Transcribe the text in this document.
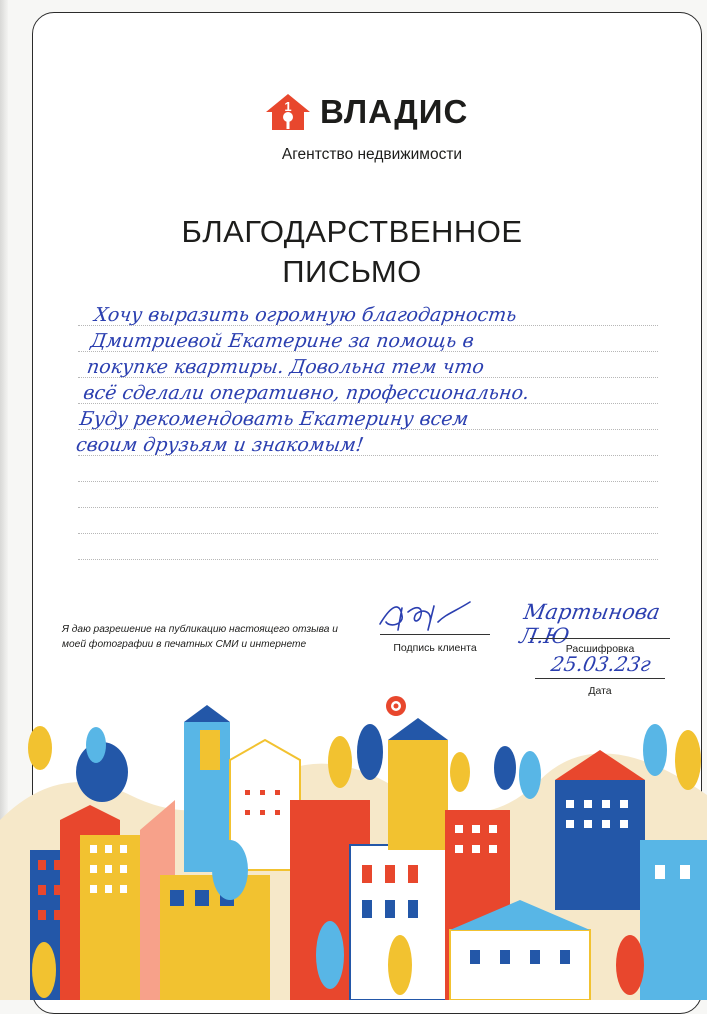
1 ВЛАДИС
Агентство недвижимости
БЛАГОДАРСТВЕННОЕ
ПИСЬМО
Хочу выразить огромную благодарность
Дмитриевой Екатерине за помощь в
покупке квартиры. Довольна тем что
всё сделали оперативно, профессионально.
Буду рекомендовать Екатерину всем
своим друзьям и знакомым!
Я даю разрешение на публикацию настоящего отзыва и моей фотографии в печатных СМИ и интернете	Подпись клиента
Мартынова Л.Ю
Расшифровка
25.03.23г
Дата
